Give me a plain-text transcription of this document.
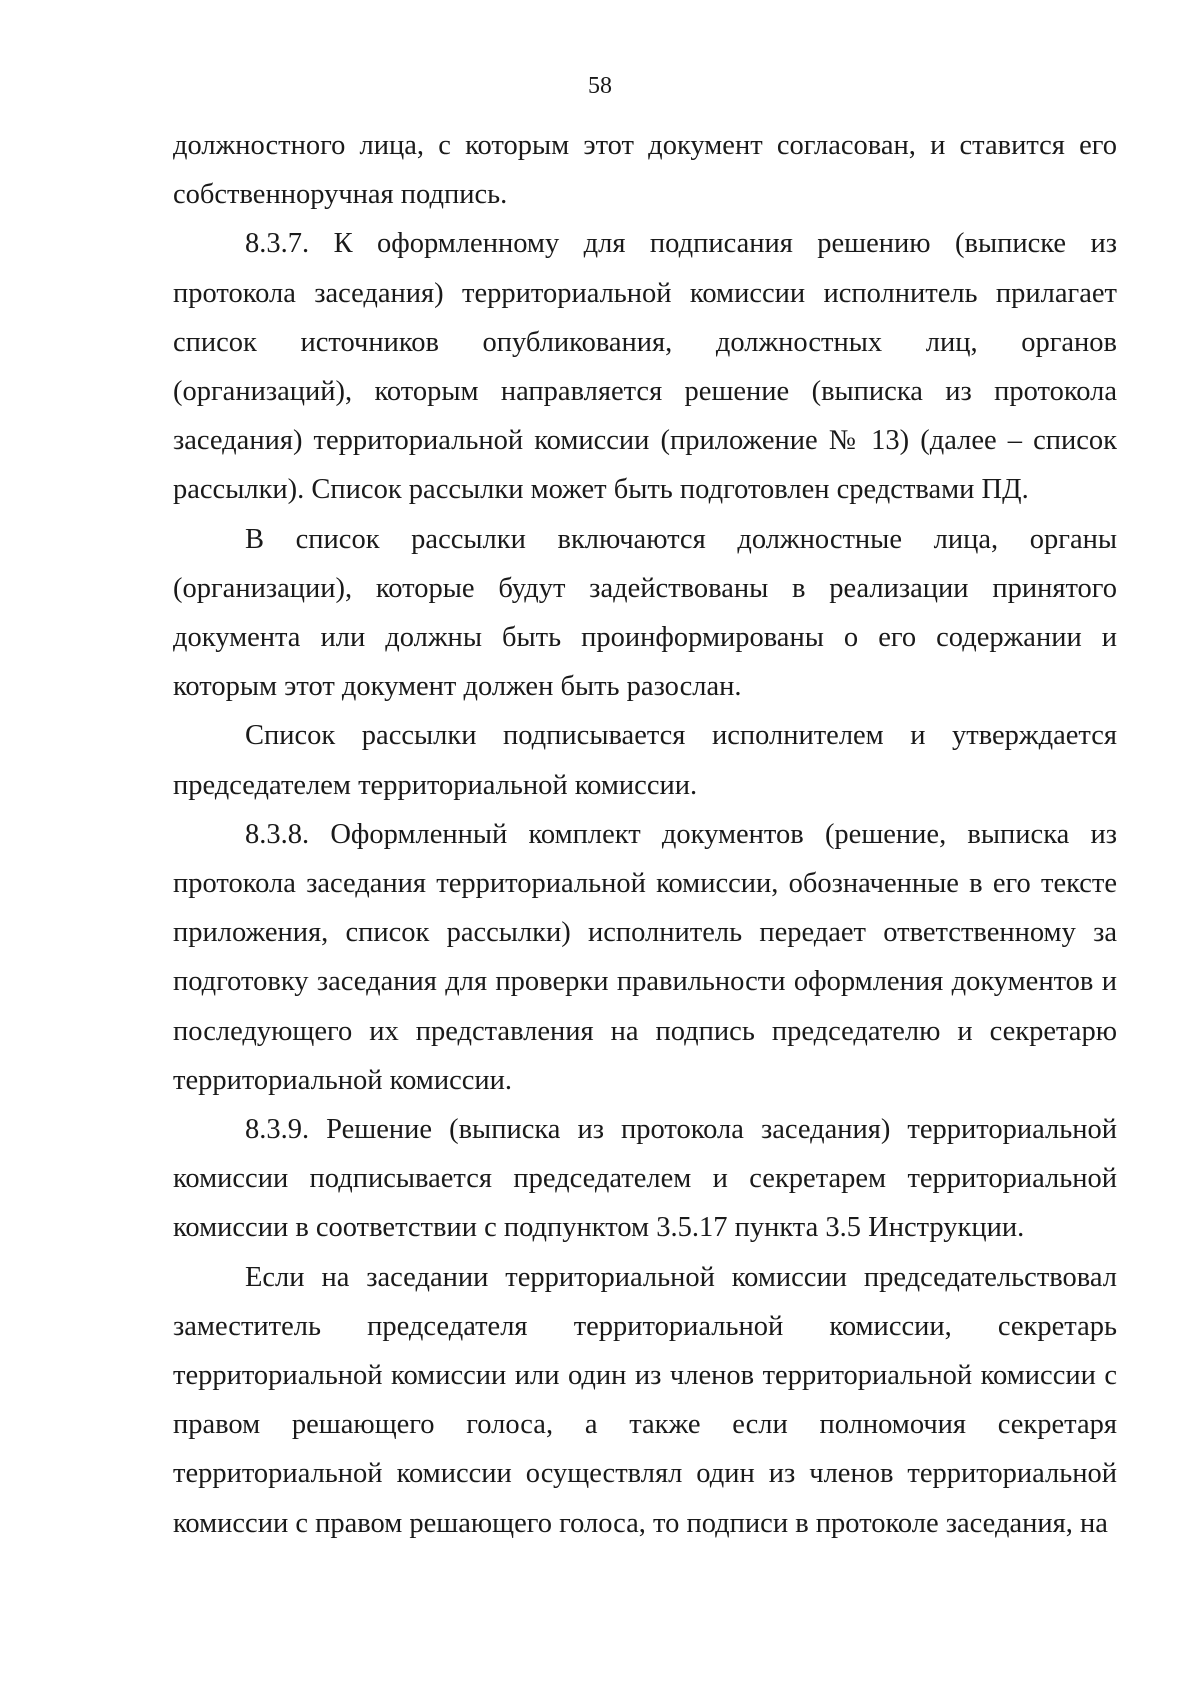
58

должностного лица, с которым этот документ согласован, и ставится его собственноручная подпись.

8.3.7. К оформленному для подписания решению (выписке из протокола заседания) территориальной комиссии исполнитель прилагает список источников опубликования, должностных лиц, органов (организаций), которым направляется решение (выписка из протокола заседания) территориальной комиссии (приложение № 13) (далее – список рассылки). Список рассылки может быть подготовлен средствами ПД.

В список рассылки включаются должностные лица, органы (организации), которые будут задействованы в реализации принятого документа или должны быть проинформированы о его содержании и которым этот документ должен быть разослан.

Список рассылки подписывается исполнителем и утверждается председателем территориальной комиссии.

8.3.8. Оформленный комплект документов (решение, выписка из протокола заседания территориальной комиссии, обозначенные в его тексте приложения, список рассылки) исполнитель передает ответственному за подготовку заседания для проверки правильности оформления документов и последующего их представления на подпись председателю и секретарю территориальной комиссии.

8.3.9. Решение (выписка из протокола заседания) территориальной комиссии подписывается председателем и секретарем территориальной комиссии в соответствии с подпунктом 3.5.17 пункта 3.5 Инструкции.

Если на заседании территориальной комиссии председательствовал заместитель председателя территориальной комиссии, секретарь территориальной комиссии или один из членов территориальной комиссии с правом решающего голоса, а также если полномочия секретаря территориальной комиссии осуществлял один из членов территориальной комиссии с правом решающего голоса, то подписи в протоколе заседания, на
